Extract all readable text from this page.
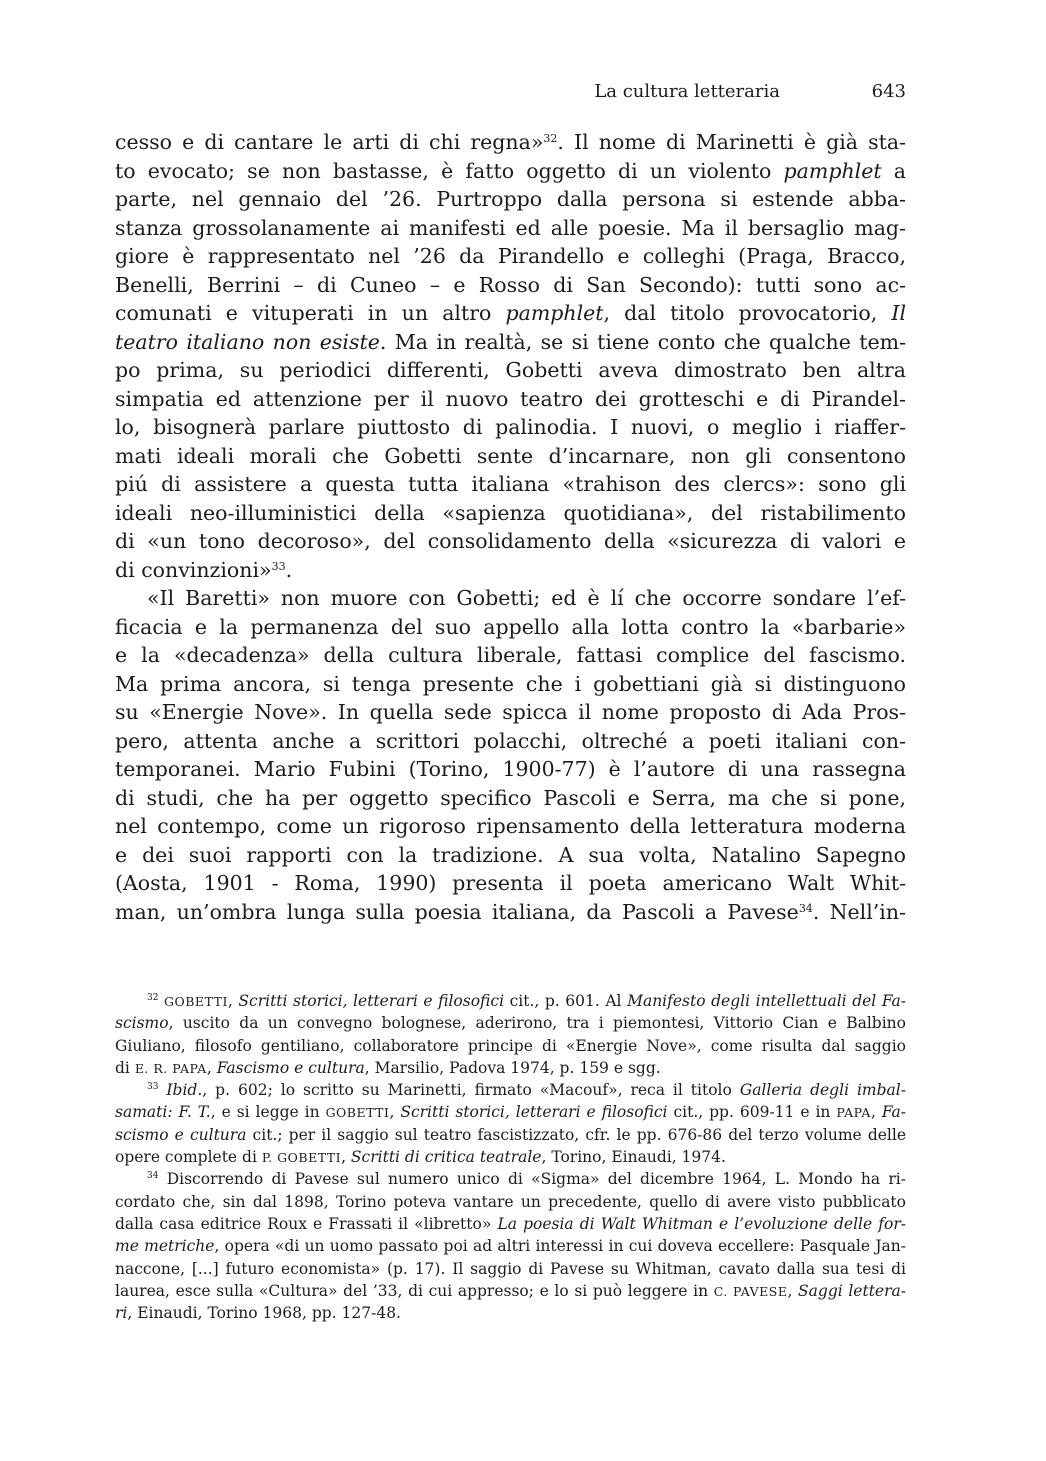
La cultura letteraria	643
cesso e di cantare le arti di chi regna»$^{32}$. Il nome di Marinetti è già sta-
to evocato; se non bastasse, è fatto oggetto di un violento pamphlet a
parte, nel gennaio del ’26. Purtroppo dalla persona si estende abba-
stanza grossolanamente ai manifesti ed alle poesie. Ma il bersaglio mag-
giore è rappresentato nel ’26 da Pirandello e colleghi (Praga, Bracco,
Benelli, Berrini – di Cuneo – e Rosso di San Secondo): tutti sono ac-
comunati e vituperati in un altro pamphlet, dal titolo provocatorio, Il
teatro italiano non esiste. Ma in realtà, se si tiene conto che qualche tem-
po prima, su periodici differenti, Gobetti aveva dimostrato ben altra
simpatia ed attenzione per il nuovo teatro dei grotteschi e di Pirandel-
lo, bisognerà parlare piuttosto di palinodia. I nuovi, o meglio i riaffer-
mati ideali morali che Gobetti sente d’incarnare, non gli consentono
piú di assistere a questa tutta italiana «trahison des clercs»: sono gli
ideali neo-illuministici della «sapienza quotidiana», del ristabilimento
di «un tono decoroso», del consolidamento della «sicurezza di valori e
di convinzioni»$^{33}$.
«Il Baretti» non muore con Gobetti; ed è lí che occorre sondare l’ef-
ficacia e la permanenza del suo appello alla lotta contro la «barbarie»
e la «decadenza» della cultura liberale, fattasi complice del fascismo.
Ma prima ancora, si tenga presente che i gobettiani già si distinguono
su «Energie Nove». In quella sede spicca il nome proposto di Ada Pros-
pero, attenta anche a scrittori polacchi, oltreché a poeti italiani con-
temporanei. Mario Fubini (Torino, 1900-77) è l’autore di una rassegna
di studi, che ha per oggetto specifico Pascoli e Serra, ma che si pone,
nel contempo, come un rigoroso ripensamento della letteratura moderna
e dei suoi rapporti con la tradizione. A sua volta, Natalino Sapegno
(Aosta, 1901 - Roma, 1990) presenta il poeta americano Walt Whit-
man, un’ombra lunga sulla poesia italiana, da Pascoli a Pavese$^{34}$. Nell’in-
$^{32}$ GOBETTI, Scritti storici, letterari e filosofici cit., p. 601. Al Manifesto degli intellettuali del Fa-
scismo, uscito da un convegno bolognese, aderirono, tra i piemontesi, Vittorio Cian e Balbino
Giuliano, filosofo gentiliano, collaboratore principe di «Energie Nove», come risulta dal saggio
di E. R. PAPA, Fascismo e cultura, Marsilio, Padova 1974, p. 159 e sgg.
$^{33}$ Ibid., p. 602; lo scritto su Marinetti, firmato «Macouf», reca il titolo Galleria degli imbal-
samati: F. T., e si legge in GOBETTI, Scritti storici, letterari e filosofici cit., pp. 609-11 e in PAPA, Fa-
scismo e cultura cit.; per il saggio sul teatro fascistizzato, cfr. le pp. 676-86 del terzo volume delle
opere complete di P. GOBETTI, Scritti di critica teatrale, Torino, Einaudi, 1974.
$^{34}$ Discorrendo di Pavese sul numero unico di «Sigma» del dicembre 1964, L. Mondo ha ri-
cordato che, sin dal 1898, Torino poteva vantare un precedente, quello di avere visto pubblicato
dalla casa editrice Roux e Frassati il «libretto» La poesia di Walt Whitman e l’evoluzione delle for-
me metriche, opera «di un uomo passato poi ad altri interessi in cui doveva eccellere: Pasquale Jan-
naccone, [...] futuro economista» (p. 17). Il saggio di Pavese su Whitman, cavato dalla sua tesi di
laurea, esce sulla «Cultura» del ’33, di cui appresso; e lo si può leggere in C. PAVESE, Saggi lettera-
ri, Einaudi, Torino 1968, pp. 127-48.
